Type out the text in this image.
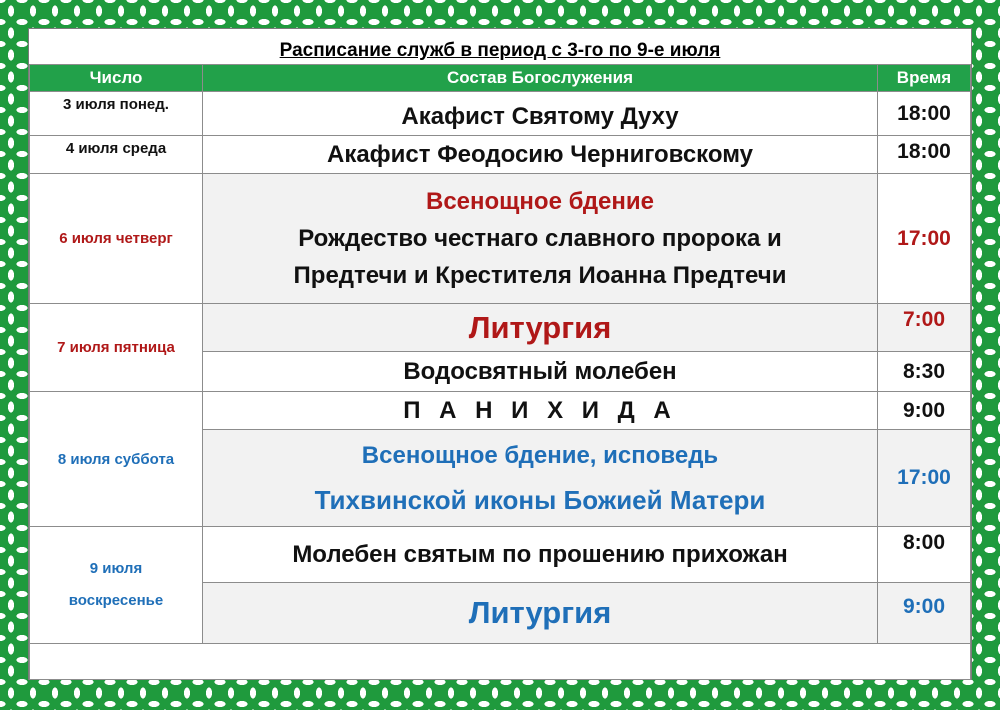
Расписание служб в период с 3-го по 9-е июля
Число	Состав Богослужения	Время
3 июля понед.	Акафист Святому Духу	18:00
4 июля среда	Акафист Феодосию Черниговскому	18:00
6 июля четверг	Всенощное бдение
Рождество честнаго славного пророка и
Предтечи и Крестителя Иоанна Предтечи	17:00
7 июля пятница	Литургия	7:00
	Водосвятный молебен	8:30
8 июля суббота	П А Н И Х И Д А	9:00

	Всенощное бдение, исповедь
Тихвинской иконы Божией Матери	17:00

9 июля
воскресенье	Молебен святым по прошению прихожан	8:00
	Литургия	9:00
